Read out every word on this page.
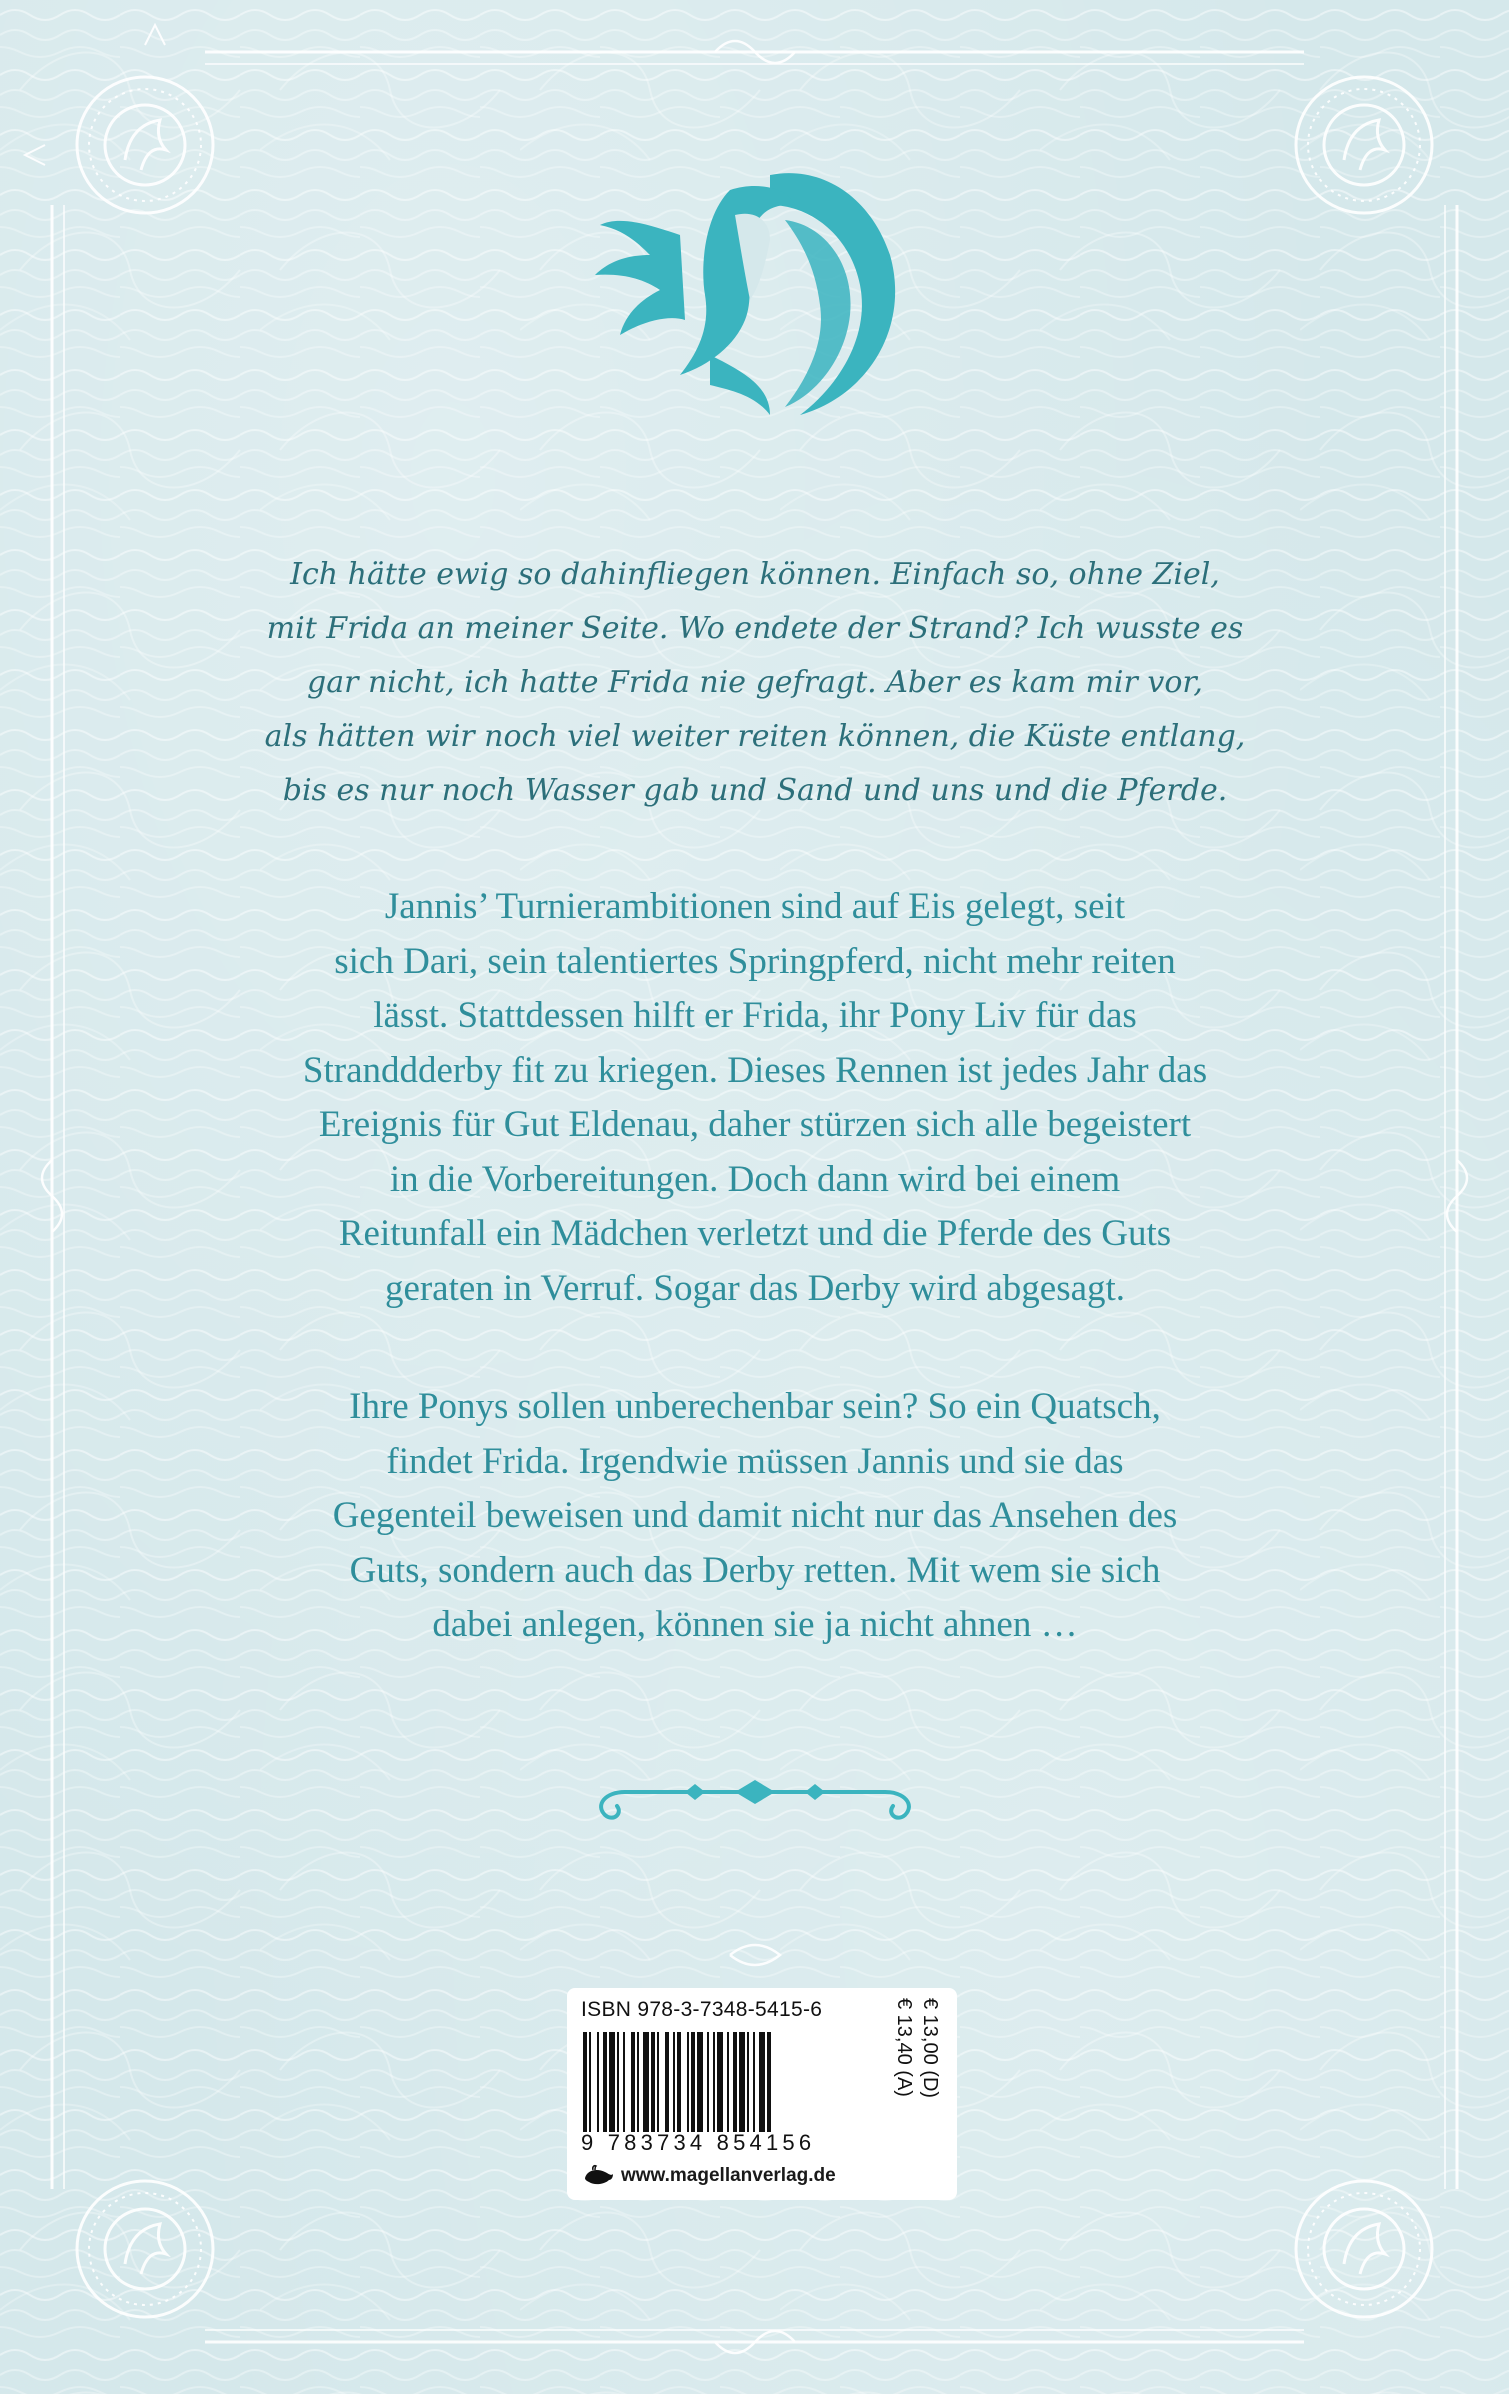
Ich hätte ewig so dahinfliegen können. Einfach so, ohne Ziel,
mit Frida an meiner Seite. Wo endete der Strand? Ich wusste es
gar nicht, ich hatte Frida nie gefragt. Aber es kam mir vor,
als hätten wir noch viel weiter reiten können, die Küste entlang,
bis es nur noch Wasser gab und Sand und uns und die Pferde.

Jannis’ Turnierambitionen sind auf Eis gelegt, seit
sich Dari, sein talentiertes Springpferd, nicht mehr reiten
lässt. Stattdessen hilft er Frida, ihr Pony Liv für das
Stranddderby fit zu kriegen. Dieses Rennen ist jedes Jahr das
Ereignis für Gut Eldenau, daher stürzen sich alle begeistert
in die Vorbereitungen. Doch dann wird bei einem
Reitunfall ein Mädchen verletzt und die Pferde des Guts
geraten in Verruf. Sogar das Derby wird abgesagt.

Ihre Ponys sollen unberechenbar sein? So ein Quatsch,
findet Frida. Irgendwie müssen Jannis und sie das
Gegenteil beweisen und damit nicht nur das Ansehen des
Guts, sondern auch das Derby retten. Mit wem sie sich
dabei anlegen, können sie ja nicht ahnen …

ISBN 978-3-7348-5415-6
9 783734 854156
€ 13,00 (D)
€ 13,40 (A)
www.magellanverlag.de
